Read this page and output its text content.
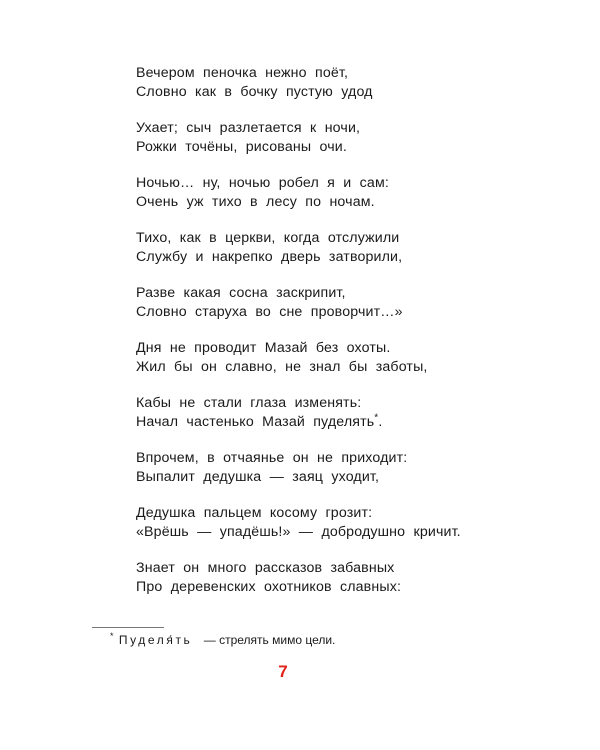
Вечером пеночка нежно поёт,
Словно как в бочку пустую удод
Ухает; сыч разлетается к ночи,
Рожки точёны, рисованы очи.
Ночью… ну, ночью робел я и сам:
Очень уж тихо в лесу по ночам.
Тихо, как в церкви, когда отслужили
Службу и накрепко дверь затворили,
Разве какая сосна заскрипит,
Словно старуха во сне проворчит…»
Дня не проводит Мазай без охоты.
Жил бы он славно, не знал бы заботы,
Кабы не стали глаза изменять:
Начал частенько Мазай пуделять*.
Впрочем, в отчаянье он не приходит:
Выпалит дедушка — заяц уходит,
Дедушка пальцем косому грозит:
«Врёшь — упадёшь!» — добродушно кричит.
Знает он много рассказов забавных
Про деревенских охотников славных:
* Пуделя́ть — стрелять мимо цели.
7
